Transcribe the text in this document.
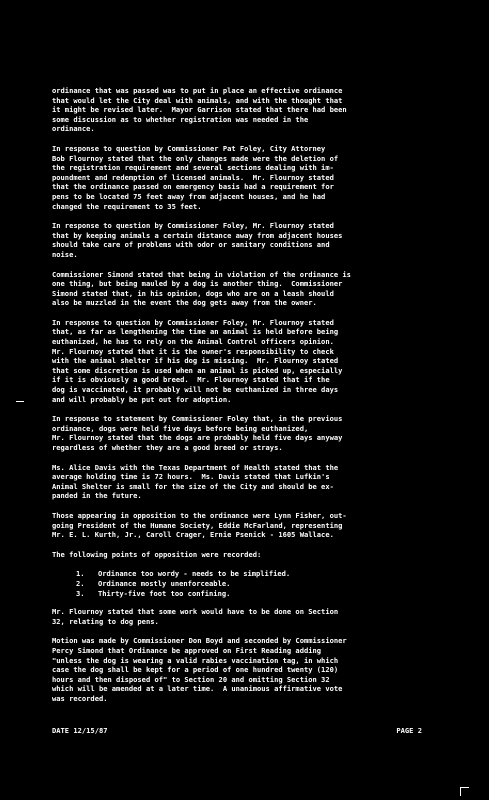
ordinance that was passed was to put in place an effective ordinance
that would let the City deal with animals, and with the thought that
it might be revised later.  Mayor Garrison stated that there had been
some discussion as to whether registration was needed in the
ordinance.

In response to question by Commissioner Pat Foley, City Attorney
Bob Flournoy stated that the only changes made were the deletion of
the registration requirement and several sections dealing with im-
poundment and redemption of licensed animals.  Mr. Flournoy stated
that the ordinance passed on emergency basis had a requirement for
pens to be located 75 feet away from adjacent houses, and he had
changed the requirement to 35 feet.

In response to question by Commissioner Foley, Mr. Flournoy stated
that by keeping animals a certain distance away from adjacent houses
should take care of problems with odor or sanitary conditions and
noise.

Commissioner Simond stated that being in violation of the ordinance is
one thing, but being mauled by a dog is another thing.  Commissioner
Simond stated that, in his opinion, dogs who are on a leash should
also be muzzled in the event the dog gets away from the owner.

In response to question by Commissioner Foley, Mr. Flournoy stated
that, as far as lengthening the time an animal is held before being
euthanized, he has to rely on the Animal Control officers opinion.
Mr. Flournoy stated that it is the owner's responsibility to check
with the animal shelter if his dog is missing.  Mr. Flournoy stated
that some discretion is used when an animal is picked up, especially
if it is obviously a good breed.  Mr. Flournoy stated that if the
dog is vaccinated, it probably will not be euthanized in three days
and will probably be put out for adoption.

In response to statement by Commissioner Foley that, in the previous
ordinance, dogs were held five days before being euthanized,
Mr. Flournoy stated that the dogs are probably held five days anyway
regardless of whether they are a good breed or strays.

Ms. Alice Davis with the Texas Department of Health stated that the
average holding time is 72 hours.  Ms. Davis stated that Lufkin's
Animal Shelter is small for the size of the City and should be ex-
panded in the future.

Those appearing in opposition to the ordinance were Lynn Fisher, out-
going President of the Humane Society, Eddie McFarland, representing
Mr. E. L. Kurth, Jr., Caroll Crager, Ernie Psenick - 1605 Wallace.

The following points of opposition were recorded:

1.	Ordinance too wordy - needs to be simplified.
2.	Ordinance mostly unenforceable.
3.	Thirty-five foot too confining.

Mr. Flournoy stated that some work would have to be done on Section
32, relating to dog pens.

Motion was made by Commissioner Don Boyd and seconded by Commissioner
Percy Simond that Ordinance be approved on First Reading adding
"unless the dog is wearing a valid rabies vaccination tag, in which
case the dog shall be kept for a period of one hundred twenty (120)
hours and then disposed of" to Section 20 and omitting Section 32
which will be amended at a later time.  A unanimous affirmative vote
was recorded.

DATE 12/15/87	PAGE 2
